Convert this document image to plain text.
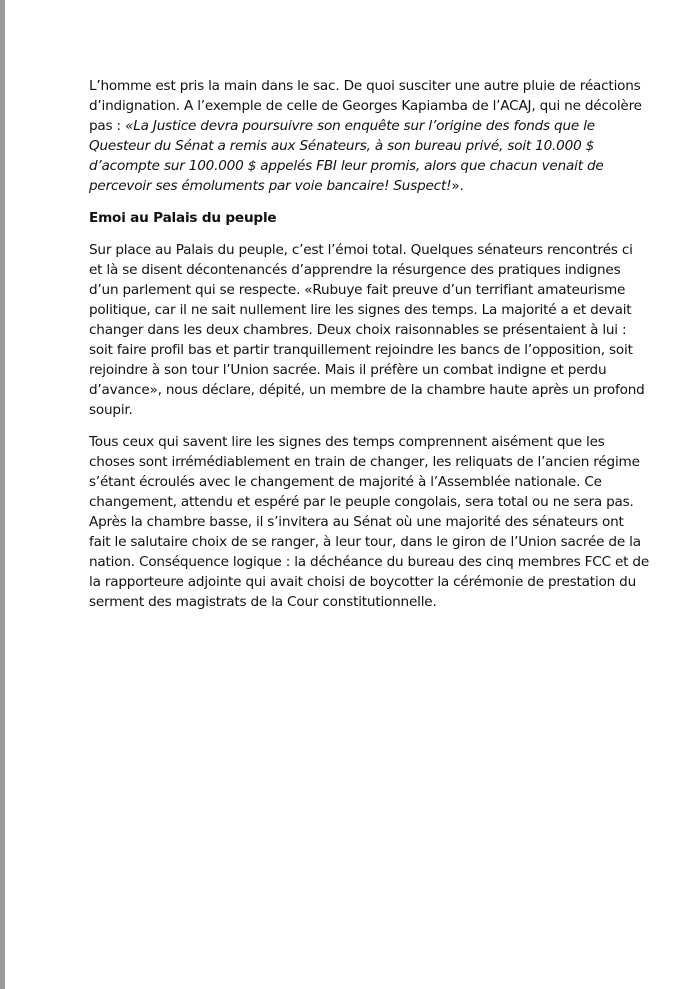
L’homme est pris la main dans le sac. De quoi susciter une autre pluie de réactions d’indignation. A l’exemple de celle de Georges Kapiamba de l’ACAJ, qui ne décolère pas : «La Justice devra poursuivre son enquête sur l’origine des fonds que le Questeur du Sénat a remis aux Sénateurs, à son bureau privé, soit 10.000 $ d’acompte sur 100.000 $ appelés FBI leur promis, alors que chacun venait de percevoir ses émoluments par voie bancaire! Suspect!».

Emoi au Palais du peuple

Sur place au Palais du peuple, c’est l’émoi total. Quelques sénateurs rencontrés ci et là se disent décontenancés d’apprendre la résurgence des pratiques indignes d’un parlement qui se respecte. «Rubuye fait preuve d’un terrifiant amateurisme politique, car il ne sait nullement lire les signes des temps. La majorité a et devait changer dans les deux chambres. Deux choix raisonnables se présentaient à lui : soit faire profil bas et partir tranquillement rejoindre les bancs de l’opposition, soit rejoindre à son tour l’Union sacrée. Mais il préfère un combat indigne et perdu d’avance», nous déclare, dépité, un membre de la chambre haute après un profond soupir.

Tous ceux qui savent lire les signes des temps comprennent aisément que les choses sont irrémédiablement en train de changer, les reliquats de l’ancien régime s’étant écroulés avec le changement de majorité à l’Assemblée nationale. Ce changement, attendu et espéré par le peuple congolais, sera total ou ne sera pas. Après la chambre basse, il s’invitera au Sénat où une majorité des sénateurs ont fait le salutaire choix de se ranger, à leur tour, dans le giron de l’Union sacrée de la nation. Conséquence logique : la déchéance du bureau des cinq membres FCC et de la rapporteure adjointe qui avait choisi de boycotter la cérémonie de prestation du serment des magistrats de la Cour constitutionnelle.
